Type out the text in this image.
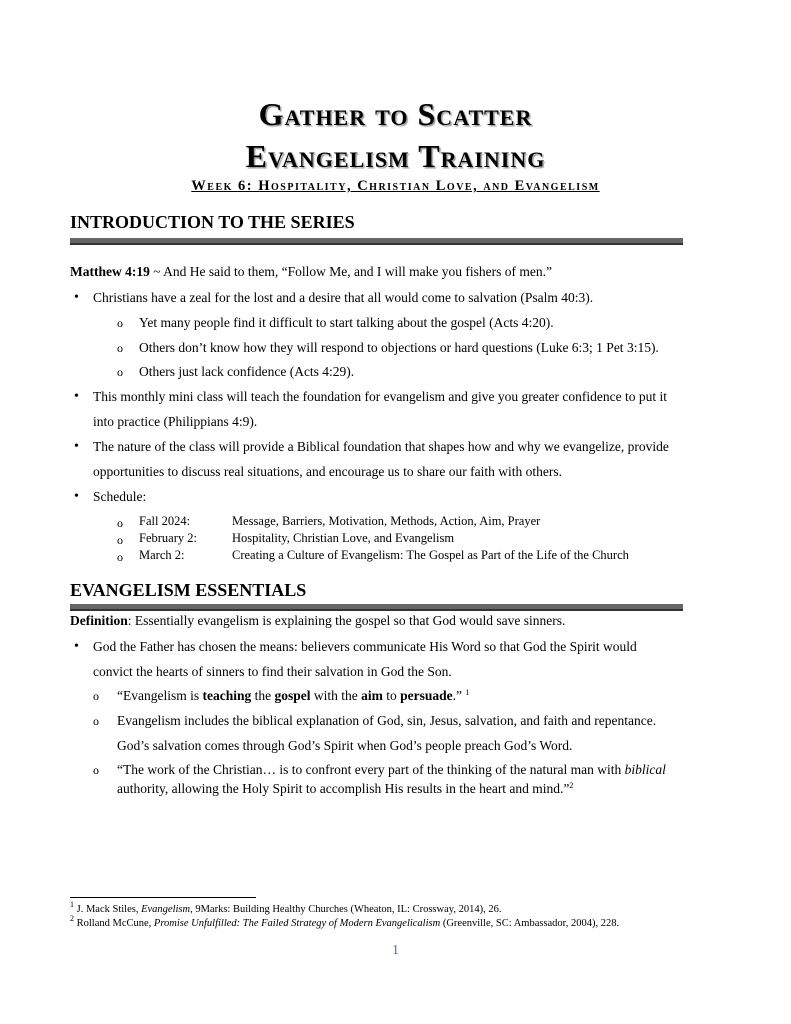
Gather to Scatter
Evangelism Training
Week 6: Hospitality, Christian Love, and Evangelism
INTRODUCTION TO THE SERIES
Matthew 4:19 ~ And He said to them, “Follow Me, and I will make you fishers of men.”
• Christians have a zeal for the lost and a desire that all would come to salvation (Psalm 40:3).
o Yet many people find it difficult to start talking about the gospel (Acts 4:20).
o Others don’t know how they will respond to objections or hard questions (Luke 6:3; 1 Pet 3:15).
o Others just lack confidence (Acts 4:29).
• This monthly mini class will teach the foundation for evangelism and give you greater confidence to put it
into practice (Philippians 4:9).
• The nature of the class will provide a Biblical foundation that shapes how and why we evangelize, provide
opportunities to discuss real situations, and encourage us to share our faith with others.
• Schedule:
o Fall 2024:	Message, Barriers, Motivation, Methods, Action, Aim, Prayer
o February 2:	Hospitality, Christian Love, and Evangelism
o March 2:	Creating a Culture of Evangelism: The Gospel as Part of the Life of the Church
EVANGELISM ESSENTIALS
Definition: Essentially evangelism is explaining the gospel so that God would save sinners.
• God the Father has chosen the means: believers communicate His Word so that God the Spirit would
convict the hearts of sinners to find their salvation in God the Son.
o “Evangelism is teaching the gospel with the aim to persuade.” $^1$
o Evangelism includes the biblical explanation of God, sin, Jesus, salvation, and faith and repentance.
God’s salvation comes through God’s Spirit when God’s people preach God’s Word.
o “The work of the Christian… is to confront every part of the thinking of the natural man with biblical
authority, allowing the Holy Spirit to accomplish His results in the heart and mind.”$^2$
$^1$ J. Mack Stiles, Evangelism, 9Marks: Building Healthy Churches (Wheaton, IL: Crossway, 2014), 26.
$^2$ Rolland McCune, Promise Unfulfilled: The Failed Strategy of Modern Evangelicalism (Greenville, SC: Ambassador, 2004), 228.
1
